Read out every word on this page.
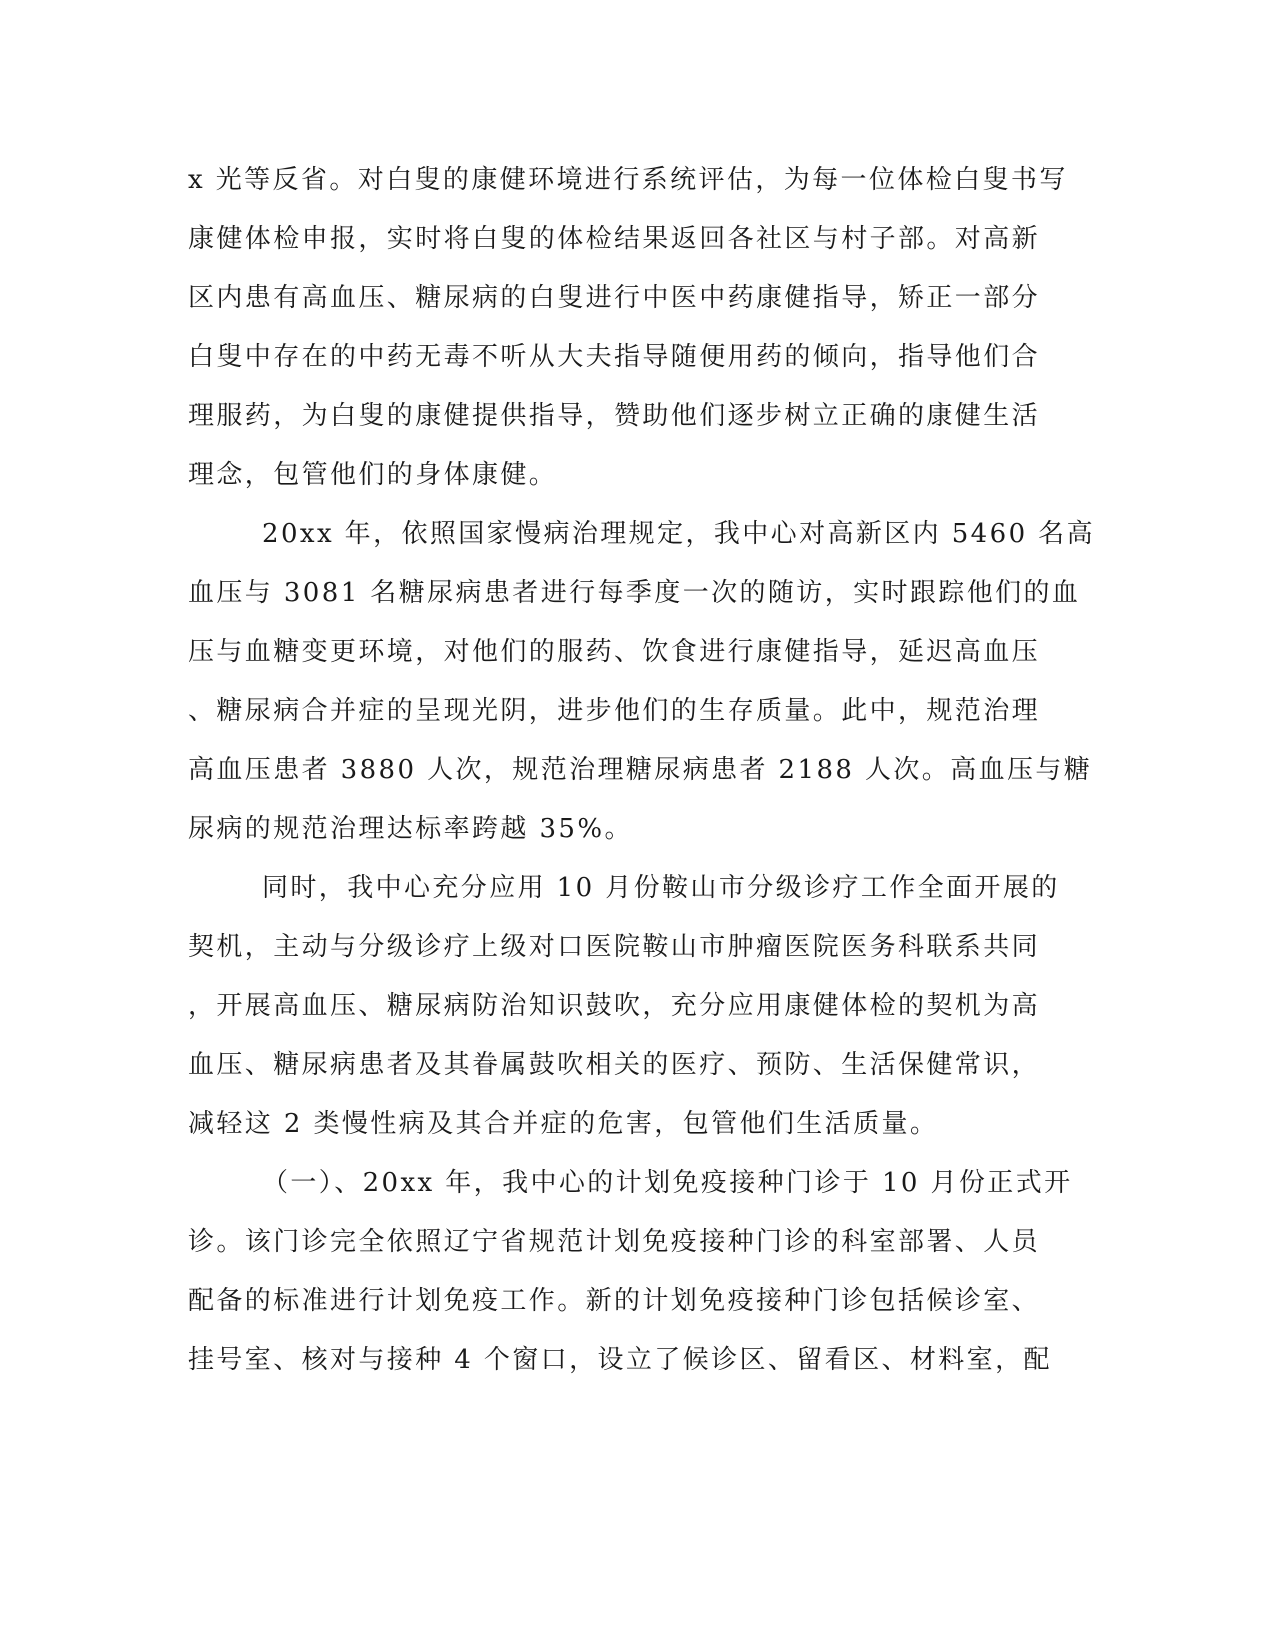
x 光等反省。对白叟的康健环境进行系统评估，为每一位体检白叟书写
康健体检申报，实时将白叟的体检结果返回各社区与村子部。对高新
区内患有高血压、糖尿病的白叟进行中医中药康健指导，矫正一部分
白叟中存在的中药无毒不听从大夫指导随便用药的倾向，指导他们合
理服药，为白叟的康健提供指导，赞助他们逐步树立正确的康健生活
理念，包管他们的身体康健。
20xx 年，依照国家慢病治理规定，我中心对高新区内 5460 名高
血压与 3081 名糖尿病患者进行每季度一次的随访，实时跟踪他们的血
压与血糖变更环境，对他们的服药、饮食进行康健指导，延迟高血压
、糖尿病合并症的呈现光阴，进步他们的生存质量。此中，规范治理
高血压患者 3880 人次，规范治理糖尿病患者 2188 人次。高血压与糖
尿病的规范治理达标率跨越 35%。
同时，我中心充分应用 10 月份鞍山市分级诊疗工作全面开展的
契机，主动与分级诊疗上级对口医院鞍山市肿瘤医院医务科联系共同
，开展高血压、糖尿病防治知识鼓吹，充分应用康健体检的契机为高
血压、糖尿病患者及其眷属鼓吹相关的医疗、预防、生活保健常识，
减轻这 2 类慢性病及其合并症的危害，包管他们生活质量。
（一）、20xx 年，我中心的计划免疫接种门诊于 10 月份正式开
诊。该门诊完全依照辽宁省规范计划免疫接种门诊的科室部署、人员
配备的标准进行计划免疫工作。新的计划免疫接种门诊包括候诊室、
挂号室、核对与接种 4 个窗口，设立了候诊区、留看区、材料室，配
